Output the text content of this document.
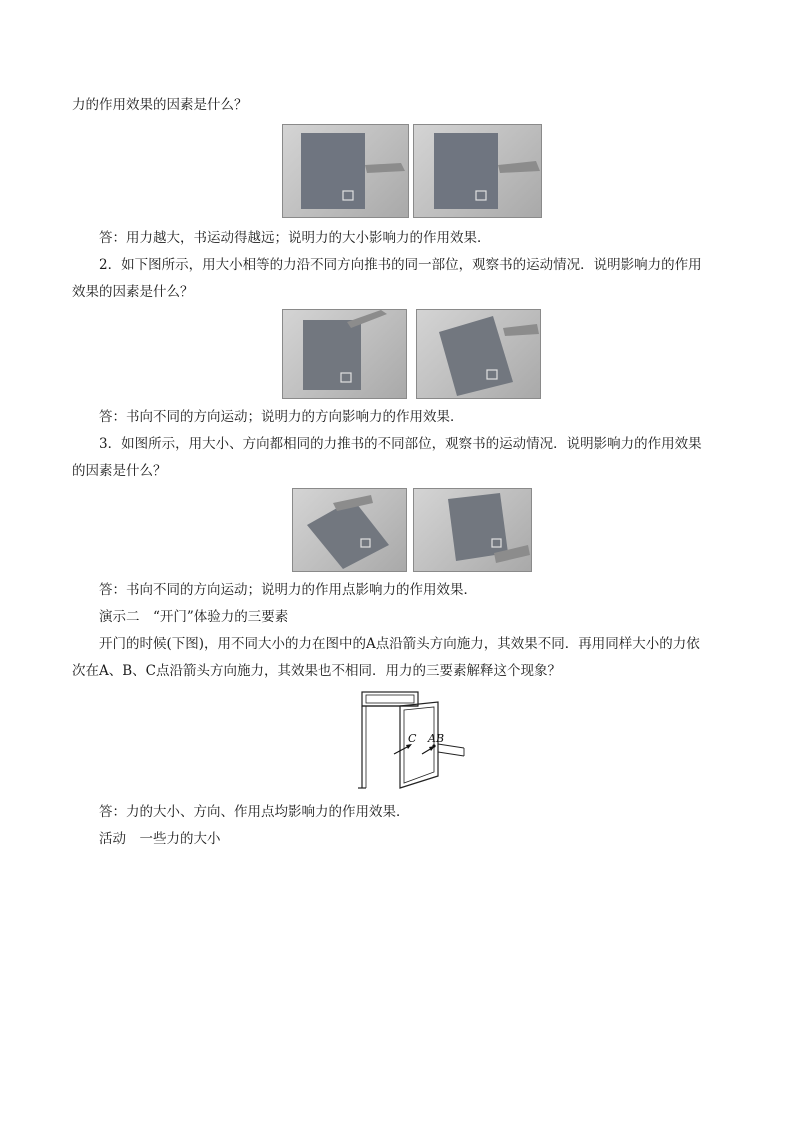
力的作用效果的因素是什么？
答：用力越大，书运动得越远；说明力的大小影响力的作用效果．
2．如下图所示，用大小相等的力沿不同方向推书的同一部位，观察书的运动情况．说明影响力的作用
效果的因素是什么？
答：书向不同的方向运动；说明力的方向影响力的作用效果．
3．如图所示，用大小、方向都相同的力推书的不同部位，观察书的运动情况．说明影响力的作用效果
的因素是什么？
答：书向不同的方向运动；说明力的作用点影响力的作用效果．
演示二　“开门”体验力的三要素
开门的时候(下图)，用不同大小的力在图中的A点沿箭头方向施力，其效果不同．再用同样大小的力依
次在A、B、C点沿箭头方向施力，其效果也不相同．用力的三要素解释这个现象？
C A B
答：力的大小、方向、作用点均影响力的作用效果．
活动　一些力的大小
